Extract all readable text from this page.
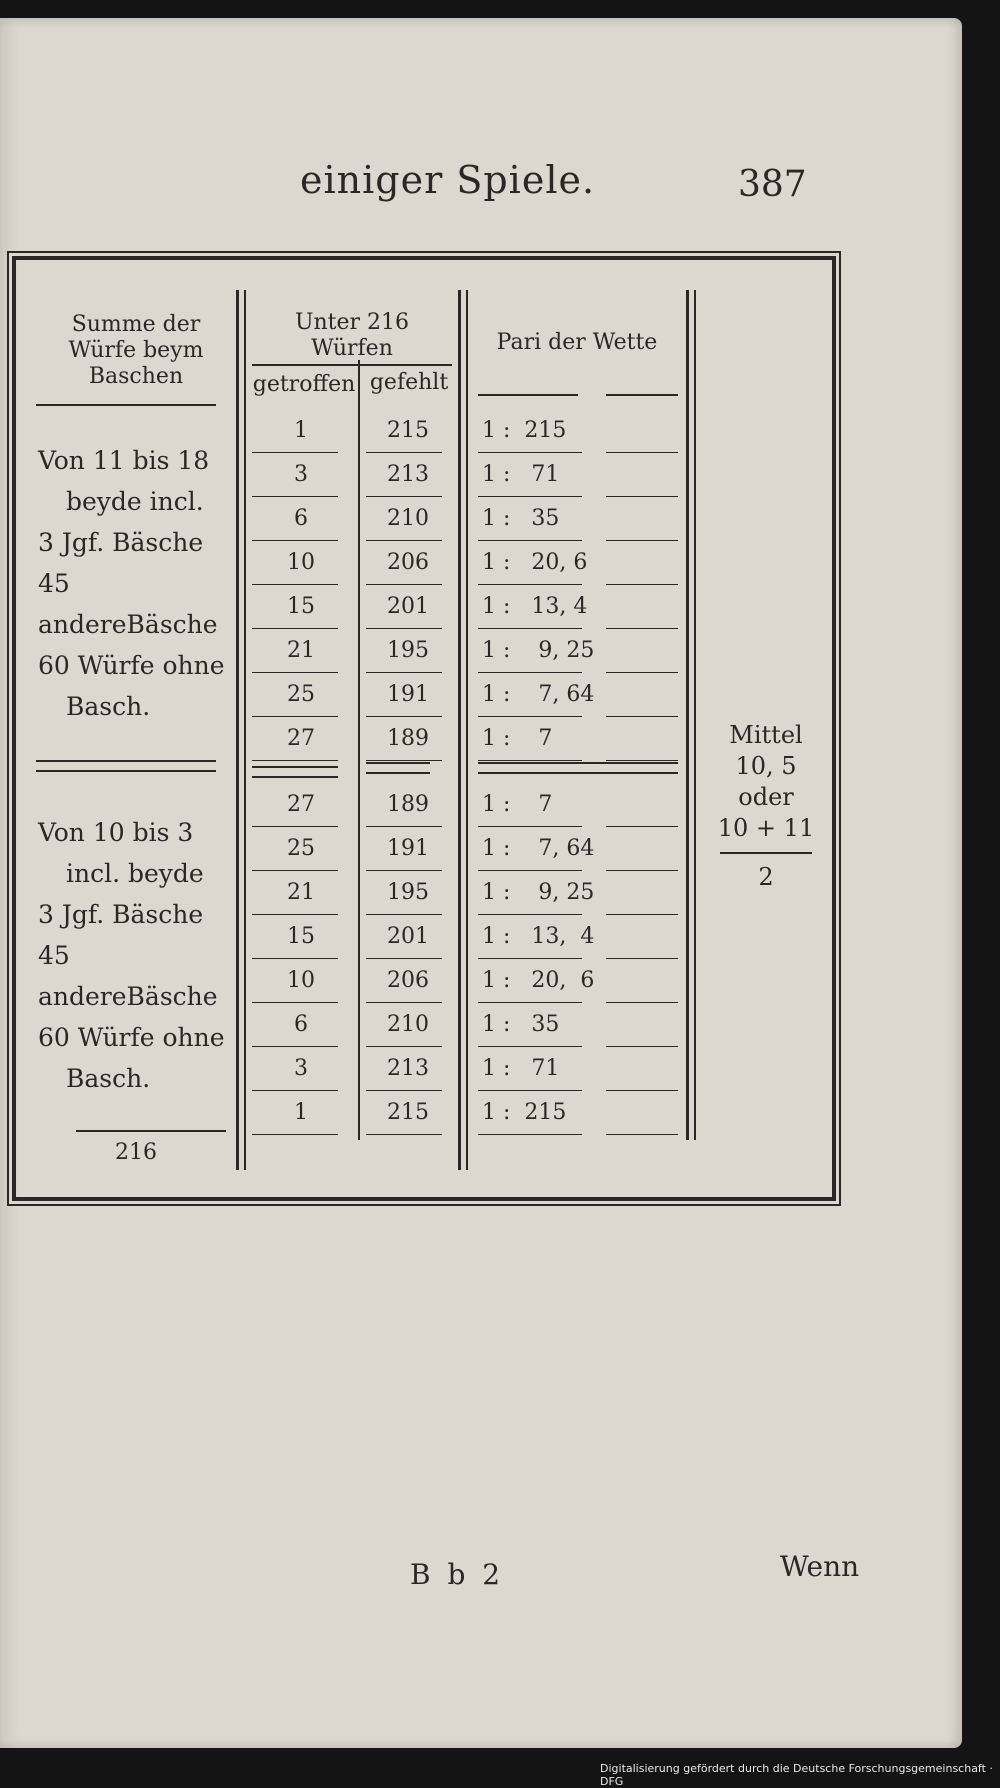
einiger Spiele.	387
Summe der
Würfe beym
Baschen
Unter 216
Würfen
getroffen gefehlt
Pari der Wette
Von 11 bis 18
beyde incl.
3 Jgf. Bäsche
45 andereBäsche
60 Würfe ohne
Basch.
Von 10 bis 3
incl. beyde
3 Jgf. Bäsche
45 andereBäsche
60 Würfe ohne
Basch.
216
Mittel
10, 5
oder
10 + 11
2
1	215	1 :  215
3	213	1 :   71
6	210	1 :   35
10	206	1 :   20, 6
15	201	1 :   13, 4
21	195	1 :    9, 25
25	191	1 :    7, 64
27	189	1 :    7
27	189	1 :    7
25	191	1 :    7, 64
21	195	1 :    9, 25
15	201	1 :   13,  4
10	206	1 :   20,  6
6	210	1 :   35
3	213	1 :   71
1	215	1 :  215
B b 2	Wenn
Digitalisierung gefördert durch die Deutsche Forschungsgemeinschaft · DFG
